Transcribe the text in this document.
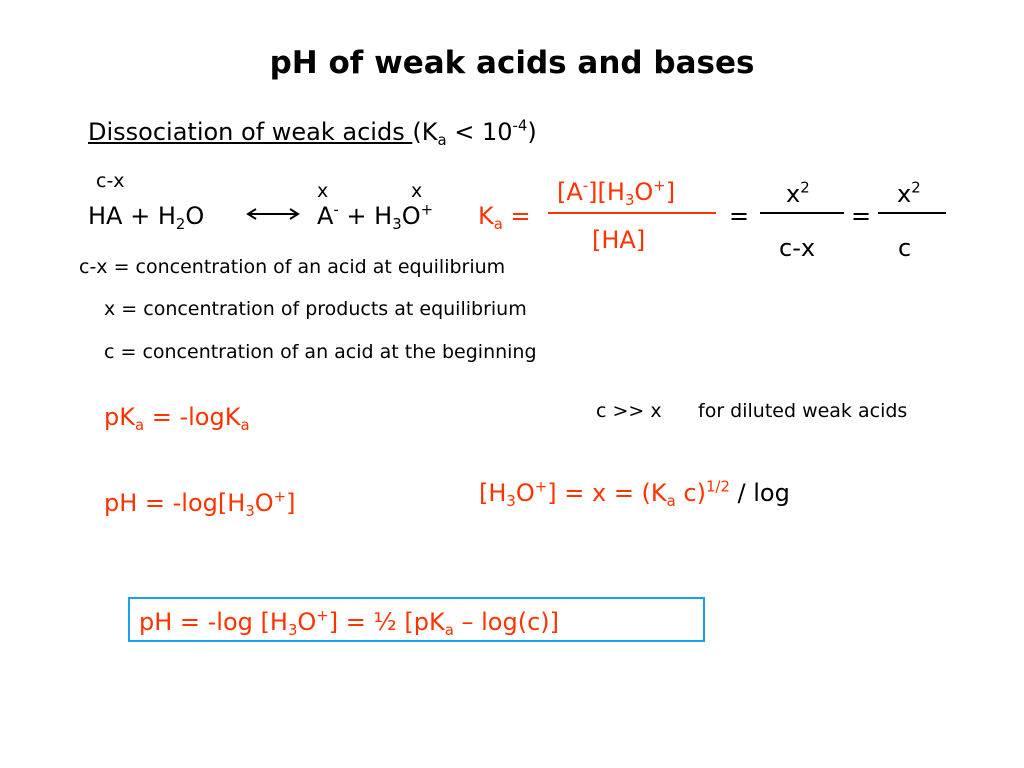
pH of weak acids and bases
Dissociation of weak acids $(K_a < 10^{-4})$
c-x	x	x
HA + $H_2O$	$A^- + H_3O^+$ $K_a$ =
$[A^-][H_3O^+]$
[HA]
=
$x^2$
c-x
=
$x^2$
c
c-x = concentration of an acid at equilibrium
x = concentration of products at equilibrium
c = concentration of an acid at the beginning
$pK_a = -\log K_a$
c >> x for diluted weak acids
pH = $-\log[H_3O^+]$	$[H_3O^+] = x = (K_a$ c)$^{1/2}$ / log
pH = -log $[H_3O^+]$ = ½ $[pK_a - \log(c)]$
